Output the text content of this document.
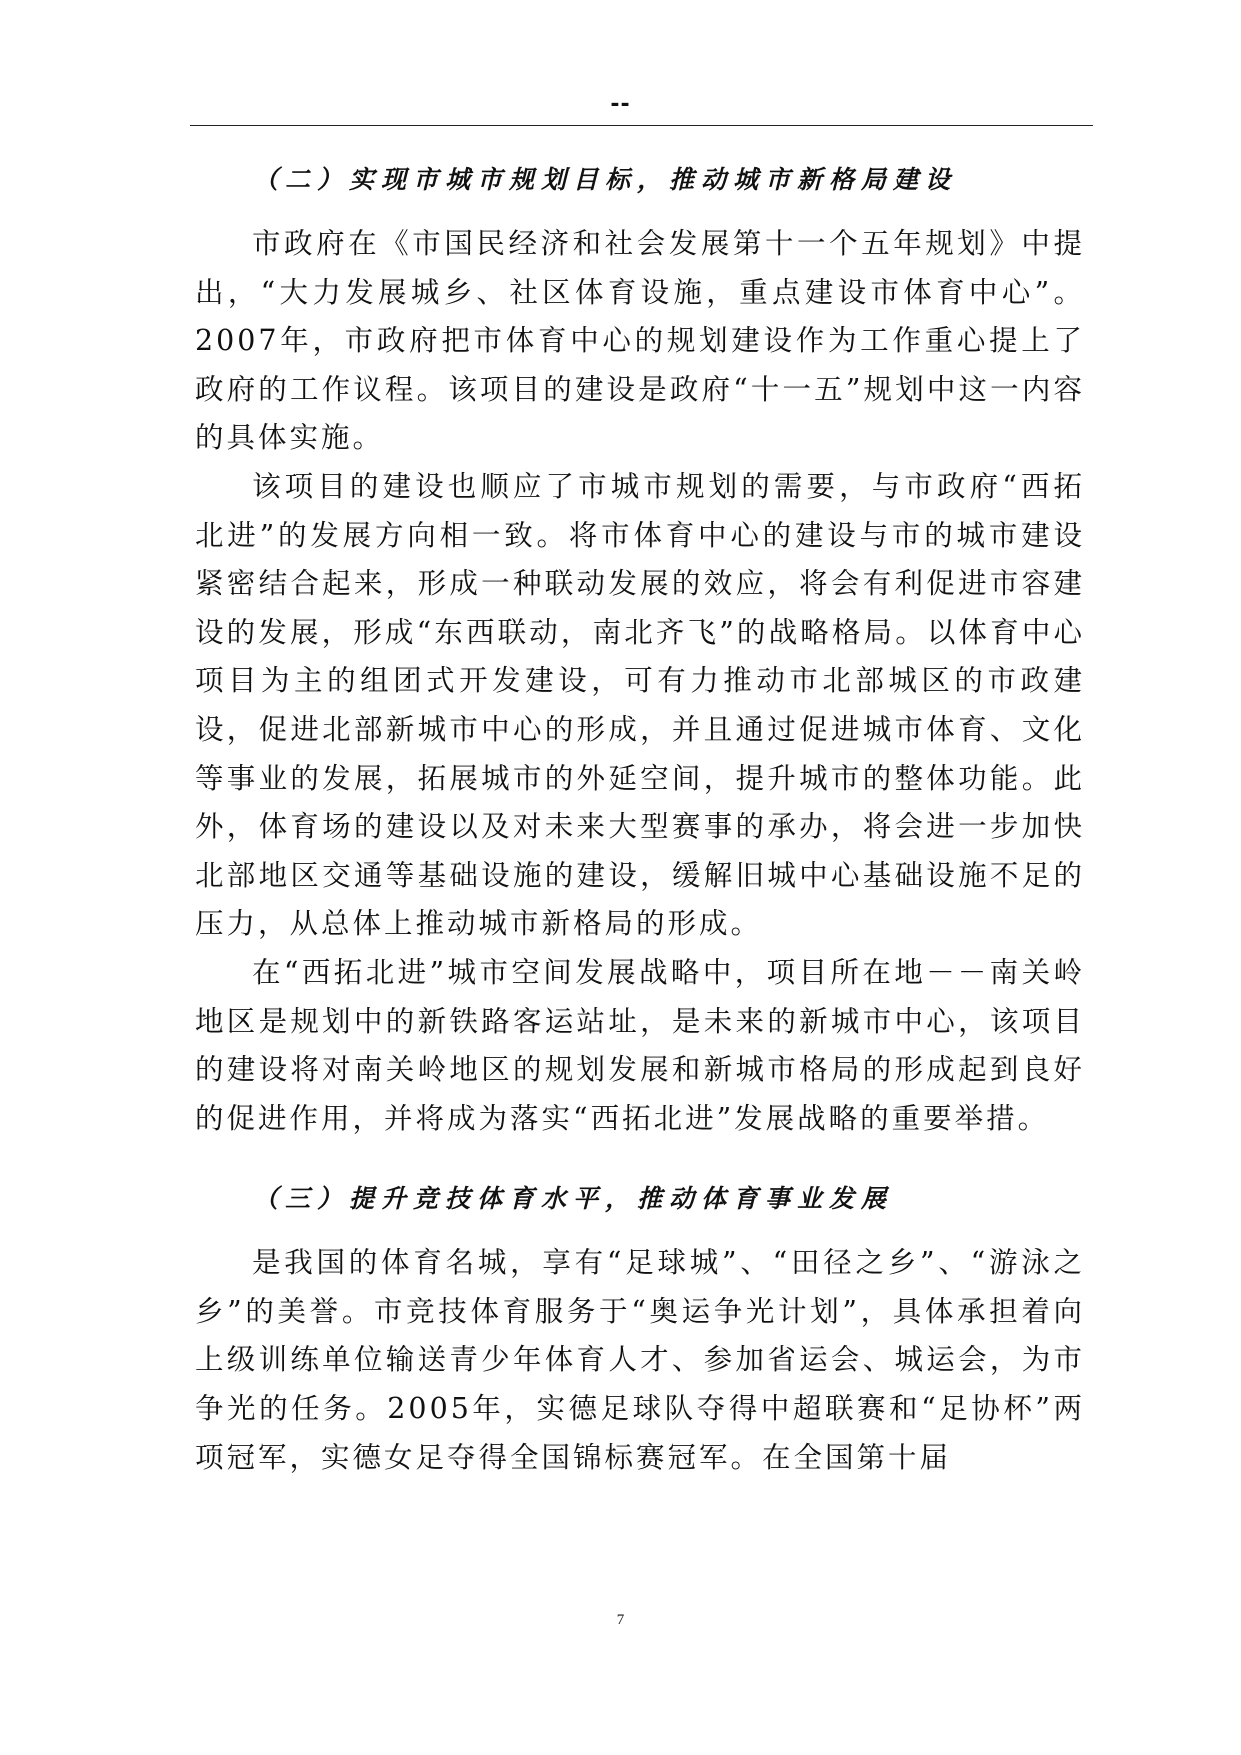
--
（二）实现市城市规划目标，推动城市新格局建设

市政府在《市国民经济和社会发展第十一个五年规划》中提出，“大力发展城乡、社区体育设施，重点建设市体育中心”。2007年，市政府把市体育中心的规划建设作为工作重心提上了政府的工作议程。该项目的建设是政府“十一五”规划中这一内容的具体实施。

该项目的建设也顺应了市城市规划的需要，与市政府“西拓北进”的发展方向相一致。将市体育中心的建设与市的城市建设紧密结合起来，形成一种联动发展的效应，将会有利促进市容建设的发展，形成“东西联动，南北齐飞”的战略格局。以体育中心项目为主的组团式开发建设，可有力推动市北部城区的市政建设，促进北部新城市中心的形成，并且通过促进城市体育、文化等事业的发展，拓展城市的外延空间，提升城市的整体功能。此外，体育场的建设以及对未来大型赛事的承办，将会进一步加快北部地区交通等基础设施的建设，缓解旧城中心基础设施不足的压力，从总体上推动城市新格局的形成。

在“西拓北进”城市空间发展战略中，项目所在地－－南关岭地区是规划中的新铁路客运站址，是未来的新城市中心，该项目的建设将对南关岭地区的规划发展和新城市格局的形成起到良好的促进作用，并将成为落实“西拓北进”发展战略的重要举措。

（三）提升竞技体育水平，推动体育事业发展

是我国的体育名城，享有“足球城”、“田径之乡”、“游泳之乡”的美誉。市竞技体育服务于“奥运争光计划”，具体承担着向上级训练单位输送青少年体育人才、参加省运会、城运会，为市争光的任务。2005年，实德足球队夺得中超联赛和“足协杯”两项冠军，实德女足夺得全国锦标赛冠军。在全国第十届

7
